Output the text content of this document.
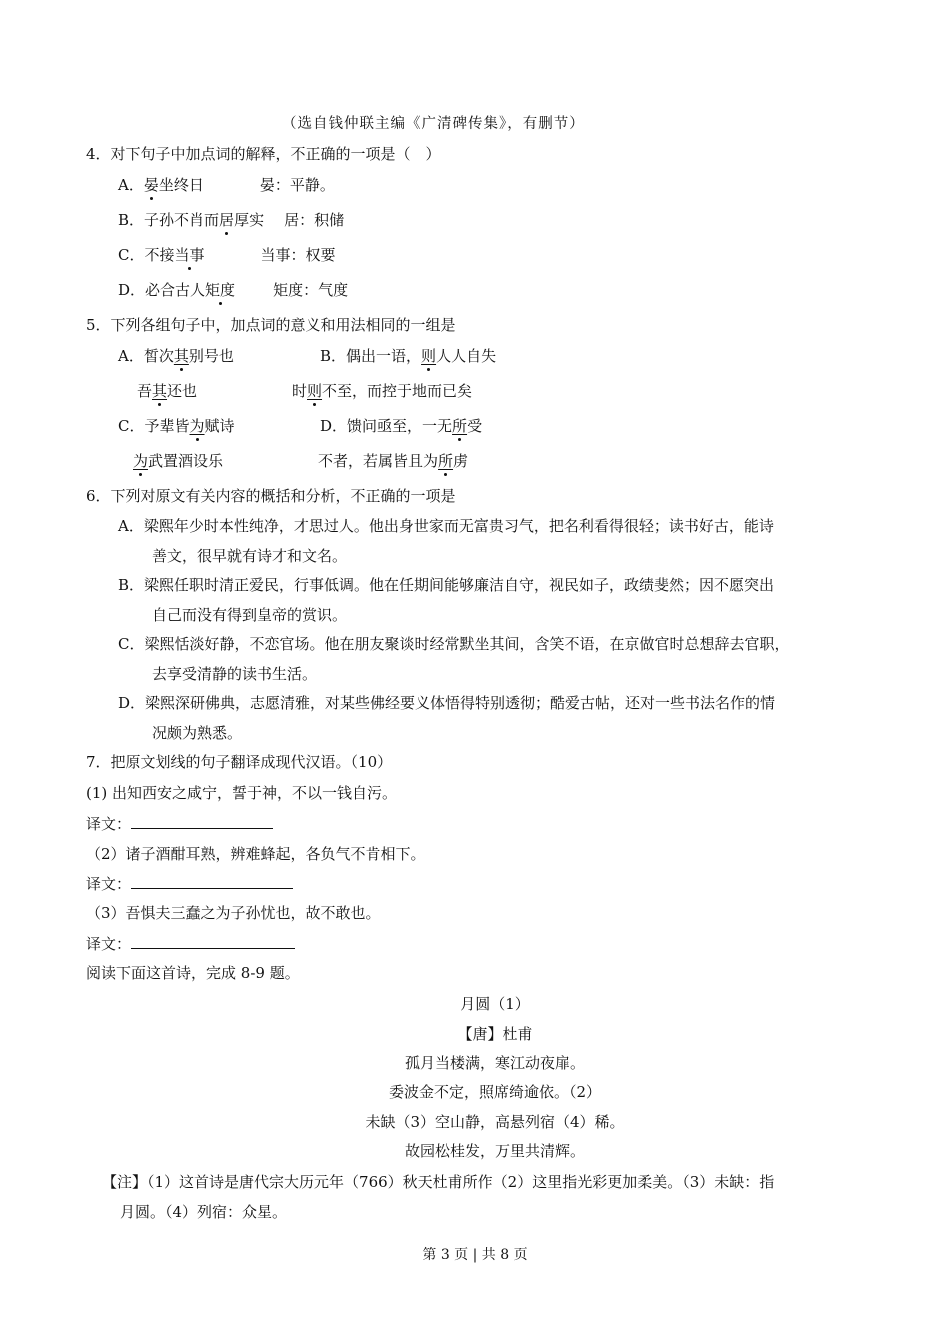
（选自钱仲联主编《广清碑传集》，有删节）
4．对下句子中加点词的解释，不正确的一项是（　）
A．晏坐终日	晏：平静。
B．子孙不肖而居厚实 居：积储
C．不接当事	当事：权要
D．必合古人矩度	矩度：气度
5．下列各组句子中，加点词的意义和用法相同的一组是
A．皙次其别号也	B．偶出一语，则人人自失
吾其还也	时则不至，而控于地而已矣
C．予辈皆为赋诗	D．馈问亟至，一无所受
为武置酒设乐	不者，若属皆且为所虏
6．下列对原文有关内容的概括和分析，不正确的一项是
A．梁熙年少时本性纯净，才思过人。他出身世家而无富贵习气，把名利看得很轻；读书好古，能诗
善文，很早就有诗才和文名。
B．梁熙任职时清正爱民，行事低调。他在任期间能够廉洁自守，视民如子，政绩斐然；因不愿突出
自己而没有得到皇帝的赏识。
C．梁熙恬淡好静，不恋官场。他在朋友聚谈时经常默坐其间，含笑不语，在京做官时总想辞去官职，
去享受清静的读书生活。
D．梁熙深研佛典，志愿清雅，对某些佛经要义体悟得特别透彻；酷爱古帖，还对一些书法名作的情
况颇为熟悉。
7．把原文划线的句子翻译成现代汉语。（10）
(1) 出知西安之咸宁，誓于神，不以一钱自污。
译文：
（2）诸子酒酣耳熟，辨难蜂起，各负气不肯相下。
译文：
（3）吾惧夫三蠢之为子孙忧也，故不敢也。
译文：
阅读下面这首诗，完成 8-9 题。
月圆（1）
【唐】杜甫
孤月当楼满，寒江动夜扉。
委波金不定，照席绮逾依。（2）
未缺（3）空山静，高悬列宿（4）稀。
故园松桂发，万里共清辉。
【注】（1）这首诗是唐代宗大历元年（766）秋天杜甫所作（2）这里指光彩更加柔美。（3）未缺：指
月圆。（4）列宿：众星。
第 3 页 | 共 8 页
